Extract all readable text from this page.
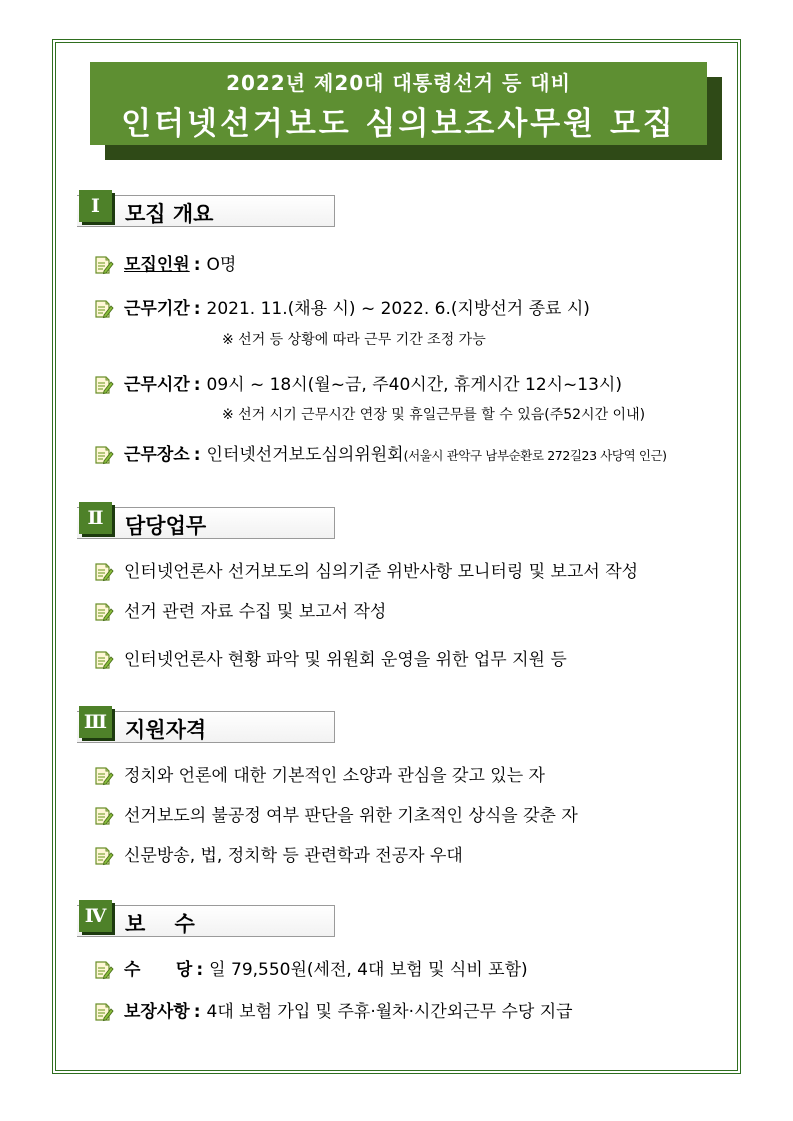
2022년 제20대 대통령선거 등 대비
인터넷선거보도 심의보조사무원 모집
Ⅰ	모집 개요
모집인원 : O명
근무기간 : 2021. 11.(채용 시) ~ 2022. 6.(지방선거 종료 시)
※ 선거 등 상황에 따라 근무 기간 조정 가능
근무시간 : 09시 ~ 18시(월~금, 주40시간, 휴게시간 12시~13시)
※ 선거 시기 근무시간 연장 및 휴일근무를 할 수 있음(주52시간 이내)
근무장소 : 인터넷선거보도심의위원회(서울시 관악구 남부순환로 272길23 사당역 인근)
Ⅱ	담당업무
인터넷언론사 선거보도의 심의기준 위반사항 모니터링 및 보고서 작성
선거 관련 자료 수집 및 보고서 작성
인터넷언론사 현황 파악 및 위원회 운영을 위한 업무 지원 등
Ⅲ 지원자격
정치와 언론에 대한 기본적인 소양과 관심을 갖고 있는 자
선거보도의 불공정 여부 판단을 위한 기초적인 상식을 갖춘 자
신문방송, 법, 정치학 등 관련학과 전공자 우대
Ⅳ 보    수
수      당 : 일 79,550원(세전, 4대 보험 및 식비 포함)
보장사항 : 4대 보험 가입 및 주휴·월차·시간외근무 수당 지급
